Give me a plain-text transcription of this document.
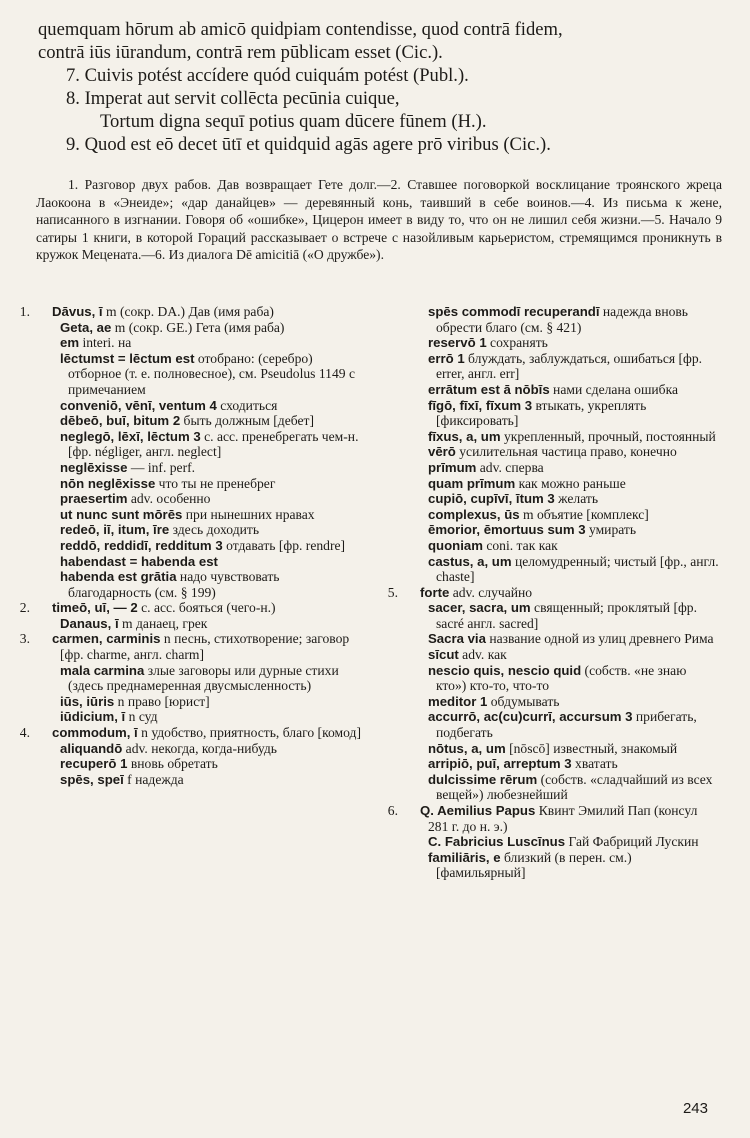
quemquam hōrum ab amicō quidpiam contendisse, quod contrā fidem,
contrā iūs iūrandum, contrā rem pūblicam esset (Cic.).
7. Cuivis potést accídere quód cuiquám potést (Publ.).
8. Imperat aut servit collēcta pecūnia cuique,
Tortum digna sequī potius quam dūcere fūnem (H.).
9. Quod est eō decet ūtī et quidquid agās agere prō viribus (Cic.).
1. Разговор двух рабов. Дав возвращает Гете долг.—2. Ставшее поговоркой восклицание троянского жреца Лаокоона в «Энеиде»; «дар данайцев» — деревянный конь, таивший в себе воинов.—4. Из письма к жене, написанного в изгнании. Говоря об «ошибке», Цицерон имеет в виду то, что он не лишил себя жизни.—5. Начало 9 сатиры 1 книги, в которой Гораций рассказывает о встрече с назойливым карьеристом, стремящимся проникнуть в кружок Мецената.—6. Из диалога Dē amicitiā («О дружбе»).

1. Dāvus, ī m (сокр. DA.) Дав (имя раба)

Geta, ae m (сокр. GE.) Гета (имя раба)

em interi. на

lēctumst = lēctum est отобрано: (серебро) отборное (т. е. полновесное), см. Pseudolus 1149 с примечанием

conveniō, vēnī, ventum 4 сходиться

dēbeō, buī, bitum 2 быть должным [дебет]

neglegō, lēxī, lēctum 3 c. acc. пренебрегать чем-н. [фр. négliger, англ. neglect]

neglēxisse — inf. perf.

nōn neglēxisse что ты не пренебрег

praesertim adv. особенно

ut nunc sunt mōrēs при нынешних нравах

redeō, iī, itum, īre здесь доходить

reddō, reddidī, redditum 3 отдавать [фр. rendre]

habendast = habenda est

habenda est grātia надо чувствовать благодарность (см. § 199)

2. timeō, uī, — 2 c. acc. бояться (чего-н.)

Danaus, ī m данаец, грек

3. carmen, carminis n песнь, стихотворение; заговор [фр. charme, англ. charm]

mala carmina злые заговоры или дурные стихи (здесь преднамеренная двусмысленность)

iūs, iūris n право [юрист]

iūdicium, ī n суд

4. commodum, ī n удобство, приятность, благо [комод]

aliquandō adv. некогда, когда-нибудь

recuperō 1 вновь обретать

spēs, speī f надежда

spēs commodī recuperandī надежда вновь обрести благо (см. § 421)

reservō 1 сохранять

errō 1 блуждать, заблуждаться, ошибаться [фр. errer, англ. err]

errātum est ā nōbīs нами сделана ошибка

fīgō, fīxī, fīxum 3 втыкать, укреплять [фиксировать]

fīxus, a, um укрепленный, прочный, постоянный

vērō усилительная частица право, конечно

prīmum adv. сперва

quam prīmum как можно раньше

cupiō, cupīvī, ītum 3 желать

complexus, ūs m объятие [комплекс]

ēmorior, ēmortuus sum 3 умирать

quoniam coni. так как

castus, a, um целомудренный; чистый [фр., англ. chaste]

5. forte adv. случайно

sacer, sacra, um священный; проклятый [фр. sacré англ. sacred]

Sacra via название одной из улиц древнего Рима

sīcut adv. как

nescio quis, nescio quid (собств. «не знаю кто») кто-то, что-то

meditor 1 обдумывать

accurrō, ac(cu)currī, accursum 3 прибегать, подбегать

nōtus, a, um [nōscō] известный, знакомый

arripiō, puī, arreptum 3 хватать

dulcissime rērum (собств. «сладчайший из всех вещей») любезнейший

6. Q. Aemilius Papus Квинт Эмилий Пап (консул 281 г. до н. э.)

C. Fabricius Luscīnus Гай Фабриций Лускин

familiāris, e близкий (в перен. см.) [фамильярный]

243
